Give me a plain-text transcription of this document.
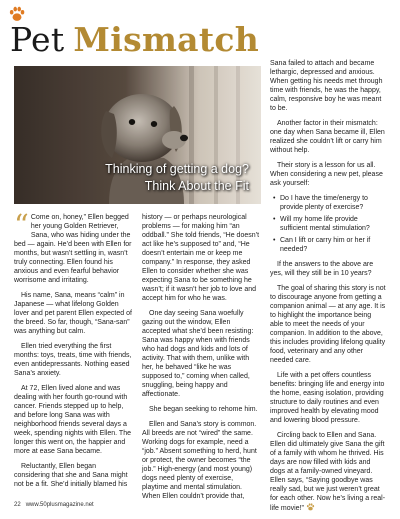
Pet Mismatch
Thinking of getting a dog?
Think About the Fit

“ Come on, honey,” Ellen begged her young Golden Retriever, Sana, who was hiding under the bed — again. He’d been with Ellen for months, but wasn’t settling in, wasn’t truly connecting. Ellen found his anxious and even fearful behavior worrisome and irritating.

His name, Sana, means “calm” in Japanese — what lifelong Golden lover and pet parent Ellen expected of the breed. So far, though, “Sana-san” was anything but calm.

Ellen tried everything the first months: toys, treats, time with friends, even antidepressants. Nothing eased Sana’s anxiety.

At 72, Ellen lived alone and was dealing with her fourth go-round with cancer. Friends stepped up to help, and before long Sana was with neighborhood friends several days a week, spending nights with Ellen. The longer this went on, the happier and more at ease Sana became.

Reluctantly, Ellen began considering that she and Sana might not be a fit. She’d initially blamed his

history — or perhaps neurological problems — for making him “an oddball.” She told friends, “He doesn’t act like he’s supposed to” and, “He doesn’t entertain me or keep me company.” In response, they asked Ellen to consider whether she was expecting Sana to be something he wasn’t; if it wasn’t her job to love and accept him for who he was.

One day seeing Sana woefully gazing out the window, Ellen accepted what she’d been resisting: Sana was happy when with friends who had dogs and kids and lots of activity. That with them, unlike with her, he behaved “like he was supposed to,” coming when called, snuggling, being happy and affectionate.

She began seeking to rehome him.

Ellen and Sana’s story is common. All breeds are not “wired” the same. Working dogs for example, need a “job.” Absent something to herd, hunt or protect, the owner becomes “the job.” High-energy (and most young) dogs need plenty of exercise, playtime and mental stimulation. When Ellen couldn’t provide that,

Sana failed to attach and became lethargic, depressed and anxious. When getting his needs met through time with friends, he was the happy, calm, responsive boy he was meant to be.

Another factor in their mismatch: one day when Sana became ill, Ellen realized she couldn’t lift or carry him without help.

Their story is a lesson for us all. When considering a new pet, please ask yourself:

• Do I have the time/energy to provide plenty of exercise?
• Will my home life provide sufficient mental stimulation?
• Can I lift or carry him or her if needed?

If the answers to the above are yes, will they still be in 10 years?

The goal of sharing this story is not to discourage anyone from getting a companion animal — at any age. It is to highlight the importance being able to meet the needs of your companion. In addition to the above, this includes providing lifelong quality food, veterinary and any other needed care.

Life with a pet offers countless benefits: bringing life and energy into the home, easing isolation, providing structure to daily routines and even improved health by elevating mood and lowering blood pressure.

Circling back to Ellen and Sana. Ellen did ultimately give Sana the gift of a family with whom he thrived. His days are now filled with kids and dogs at a family-owned vineyard. Ellen says, “Saying goodbye was really sad, but we just weren’t great for each other. Now he’s living a real-life movie!”

22 www.50plusmagazine.net
